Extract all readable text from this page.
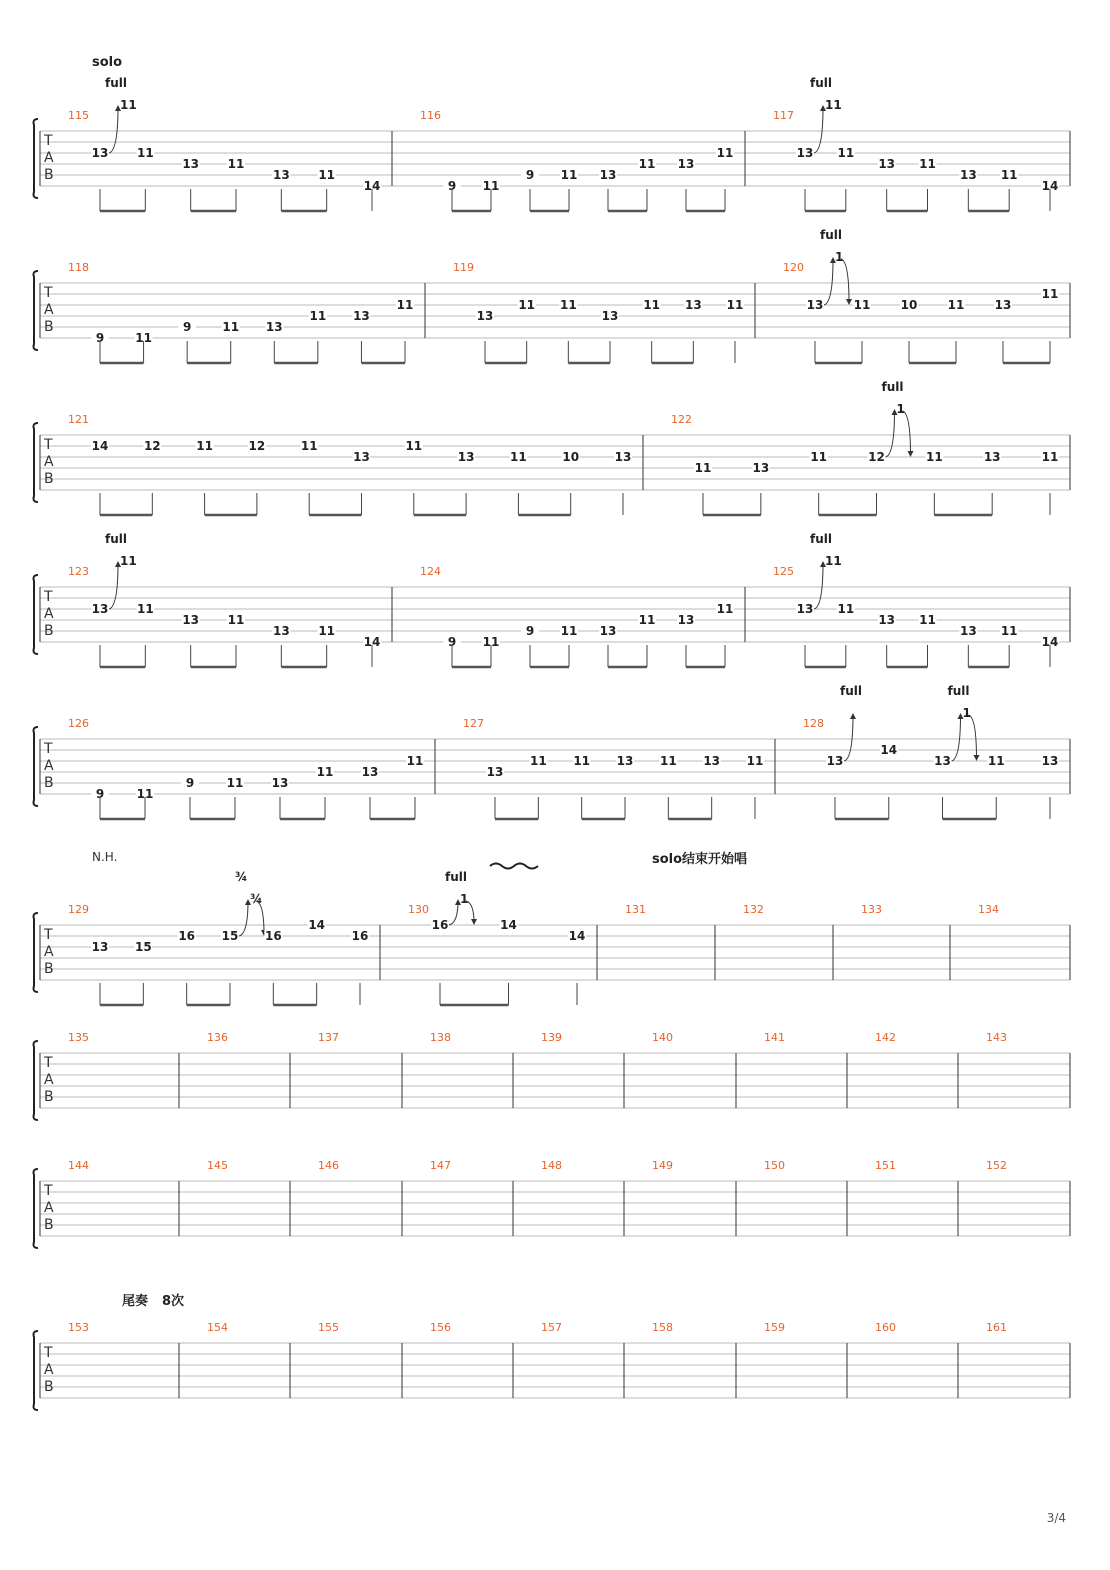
T
A
B
115
13
full
11
11
13 11
13 11
14
116
9 11
9 11 13
11 13
11
117
13
full
11
11
13 11
13 11
14
T
A
B
118
9	11
9	11 13
11 13
11
119
13
11 11
13
11 13 11
120
13
full
1
11	10	11	13
11
T
A
B
121
14	12	11	12	11
13
11
13	11	10	13
122
11	13
11	12
full
1
11	13	11
T
A
B
123
13
full
11
11
13 11
13 11
14
124
9 11
9 11 13
11 13
11
125
13
full
11
11
13 11
13 11
14
T
A
B
126
9	11
9	11 13
11 13
11
127
13
11 11 13 11 13 11
128
13
full
14
13
full
1
11	13
T
A
B
129
13 15
16 15
¾
¾
16
14
16
130
16
full
1
14
14
131	132	133	134
T
A
B
135	136	137	138	139	140	141	142	143
T
A
B
144	145	146	147	148	149	150	151	152
T
A
B
153	154	155	156	157	158	159	160	161
solo
N.H.	solo结束开始唱
尾奏 8次
3/4
